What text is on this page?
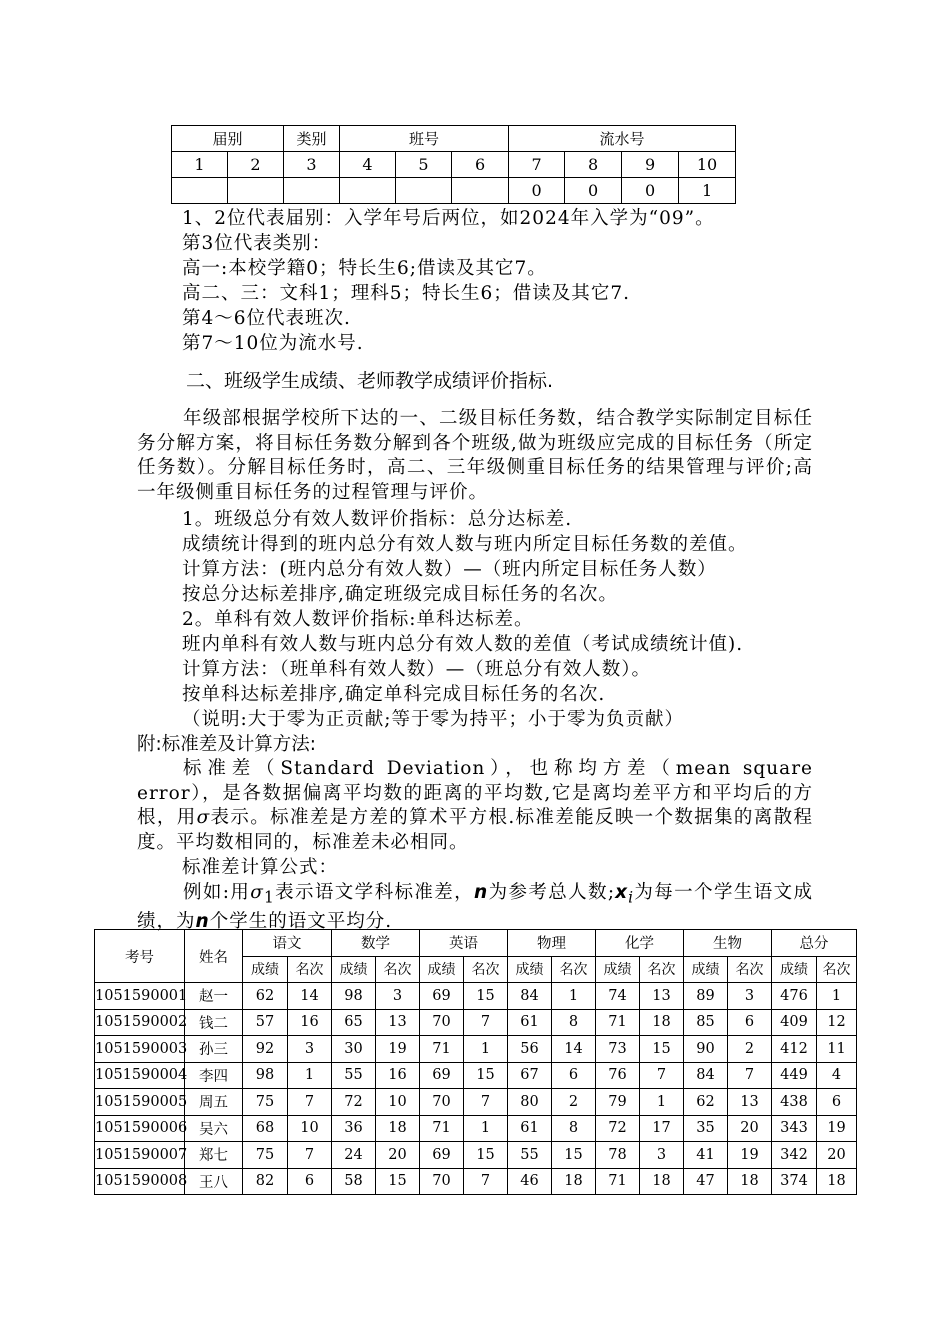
届别		类别	班号			流水号			
1	2	3	4	5	6	7	8	9	10
						0	0	0	1
1、2位代表届别：入学年号后两位，如2024年入学为“09”。
第3位代表类别：
高一:本校学籍0；特长生6;借读及其它7。
高二、三：文科1；理科5；特长生6；借读及其它7.
第4～6位代表班次.
第7～10位为流水号.
二、班级学生成绩、老师教学成绩评价指标.
年级部根据学校所下达的一、二级目标任务数，结合教学实际制定目标任务分解方案，将目标任务数分解到各个班级,做为班级应完成的目标任务（所定任务数）。分解目标任务时，高二、三年级侧重目标任务的结果管理与评价;高一年级侧重目标任务的过程管理与评价。
1。班级总分有效人数评价指标：总分达标差.
成绩统计得到的班内总分有效人数与班内所定目标任务数的差值。
计算方法：(班内总分有效人数）—（班内所定目标任务人数）
按总分达标差排序,确定班级完成目标任务的名次。
2。单科有效人数评价指标:单科达标差。
班内单科有效人数与班内总分有效人数的差值（考试成绩统计值).
计算方法：（班单科有效人数）—（班总分有效人数）。
按单科达标差排序,确定单科完成目标任务的名次.
（说明:大于零为正贡献;等于零为持平；小于零为负贡献）
附:标准差及计算方法:
标准差（Standard Deviation），也称均方差（mean square error），是各数据偏离平均数的距离的平均数,它是离均差平方和平均后的方根，用σ表示。标准差是方差的算术平方根.标准差能反映一个数据集的离散程度。平均数相同的，标准差未必相同。
标准差计算公式：
例如:用$\sigma_1$表示语文学科标准差，n为参考总人数$;x_i$为每一个学生语文成绩，为n个学生的语文平均分.
考号	姓名	语文		数学		英语		物理		化学		生物		总分	
		成绩	名次	成绩	名次	成绩	名次	成绩	名次	成绩	名次	成绩	名次	成绩	名次
1051590001	赵一	62	14	98	3	69	15	84	1	74	13	89	3	476	1
1051590002	钱二	57	16	65	13	70	7	61	8	71	18	85	6	409	12
1051590003	孙三	92	3	30	19	71	1	56	14	73	15	90	2	412	11
1051590004	李四	98	1	55	16	69	15	67	6	76	7	84	7	449	4
1051590005	周五	75	7	72	10	70	7	80	2	79	1	62	13	438	6
1051590006	吴六	68	10	36	18	71	1	61	8	72	17	35	20	343	19
1051590007	郑七	75	7	24	20	69	15	55	15	78	3	41	19	342	20
1051590008	王八	82	6	58	15	70	7	46	18	71	18	47	18	374	18
